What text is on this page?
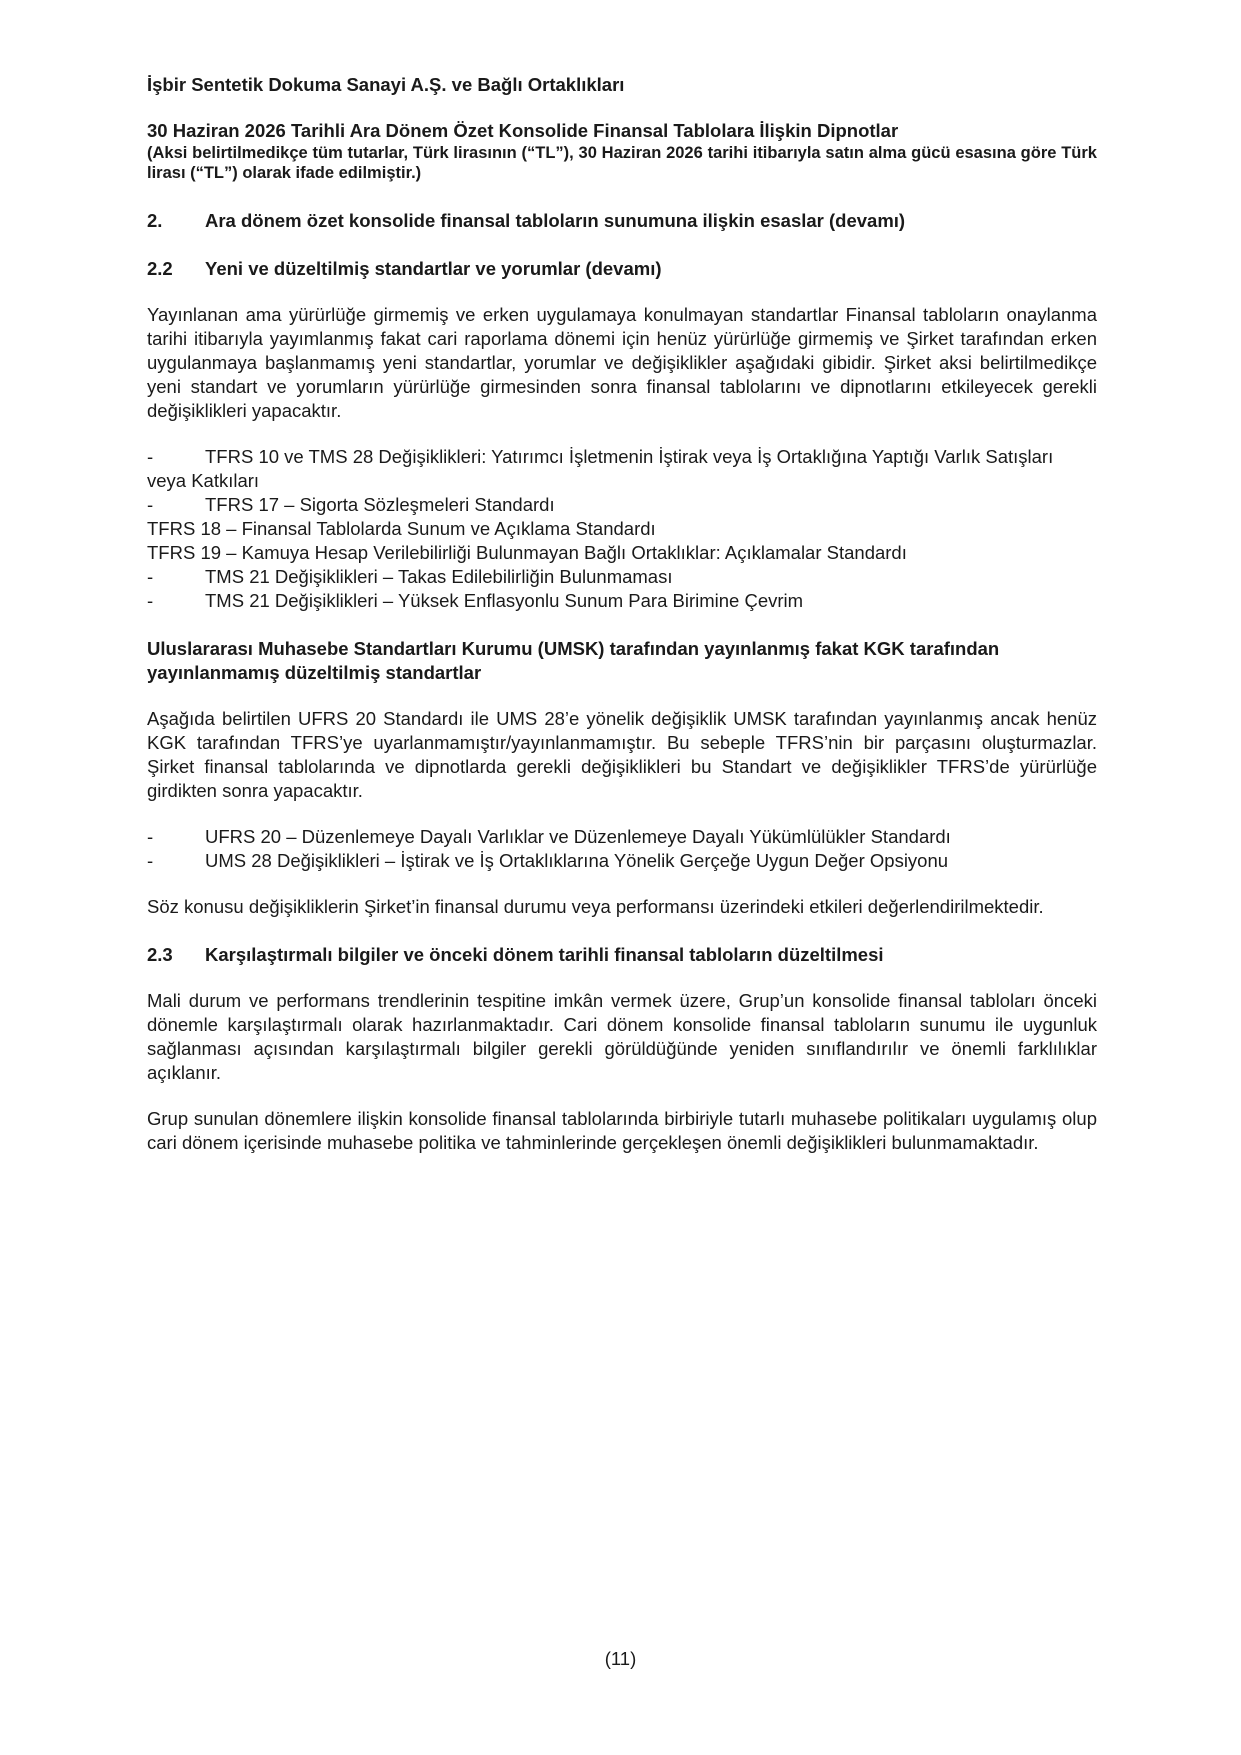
İşbir Sentetik Dokuma Sanayi A.Ş. ve Bağlı Ortaklıkları
30 Haziran 2026 Tarihli Ara Dönem Özet Konsolide Finansal Tablolara İlişkin Dipnotlar
(Aksi belirtilmedikçe tüm tutarlar, Türk lirasının (“TL”), 30 Haziran 2026 tarihi itibarıyla satın alma gücü esasına göre Türk lirası (“TL”) olarak ifade edilmiştir.)
2.	Ara dönem özet konsolide finansal tabloların sunumuna ilişkin esaslar (devamı)
2.2	Yeni ve düzeltilmiş standartlar ve yorumlar (devamı)

Yayınlanan ama yürürlüğe girmemiş ve erken uygulamaya konulmayan standartlar Finansal tabloların onaylanma tarihi itibarıyla yayımlanmış fakat cari raporlama dönemi için henüz yürürlüğe girmemiş ve Şirket tarafından erken uygulanmaya başlanmamış yeni standartlar, yorumlar ve değişiklikler aşağıdaki gibidir. Şirket aksi belirtilmedikçe yeni standart ve yorumların yürürlüğe girmesinden sonra finansal tablolarını ve dipnotlarını etkileyecek gerekli değişiklikleri yapacaktır.

-	TFRS 10 ve TMS 28 Değişiklikleri: Yatırımcı İşletmenin İştirak veya İş Ortaklığına Yaptığı Varlık Satışları veya Katkıları
-	TFRS 17 – Sigorta Sözleşmeleri Standardı
TFRS 18 – Finansal Tablolarda Sunum ve Açıklama Standardı
TFRS 19 – Kamuya Hesap Verilebilirliği Bulunmayan Bağlı Ortaklıklar: Açıklamalar Standardı
-	TMS 21 Değişiklikleri – Takas Edilebilirliğin Bulunmaması
-	TMS 21 Değişiklikleri – Yüksek Enflasyonlu Sunum Para Birimine Çevrim

Uluslararası Muhasebe Standartları Kurumu (UMSK) tarafından yayınlanmış fakat KGK tarafından yayınlanmamış düzeltilmiş standartlar

Aşağıda belirtilen UFRS 20 Standardı ile UMS 28’e yönelik değişiklik UMSK tarafından yayınlanmış ancak henüz KGK tarafından TFRS’ye uyarlanmamıştır/yayınlanmamıştır. Bu sebeple TFRS’nin bir parçasını oluşturmazlar. Şirket finansal tablolarında ve dipnotlarda gerekli değişiklikleri bu Standart ve değişiklikler TFRS’de yürürlüğe girdikten sonra yapacaktır.

-	UFRS 20 – Düzenlemeye Dayalı Varlıklar ve Düzenlemeye Dayalı Yükümlülükler Standardı
-	UMS 28 Değişiklikleri – İştirak ve İş Ortaklıklarına Yönelik Gerçeğe Uygun Değer Opsiyonu

Söz konusu değişikliklerin Şirket’in finansal durumu veya performansı üzerindeki etkileri değerlendirilmektedir.

2.3	Karşılaştırmalı bilgiler ve önceki dönem tarihli finansal tabloların düzeltilmesi

Mali durum ve performans trendlerinin tespitine imkân vermek üzere, Grup’un konsolide finansal tabloları önceki dönemle karşılaştırmalı olarak hazırlanmaktadır. Cari dönem konsolide finansal tabloların sunumu ile uygunluk sağlanması açısından karşılaştırmalı bilgiler gerekli görüldüğünde yeniden sınıflandırılır ve önemli farklılıklar açıklanır.

Grup sunulan dönemlere ilişkin konsolide finansal tablolarında birbiriyle tutarlı muhasebe politikaları uygulamış olup cari dönem içerisinde muhasebe politika ve tahminlerinde gerçekleşen önemli değişiklikleri bulunmamaktadır.

(11)
